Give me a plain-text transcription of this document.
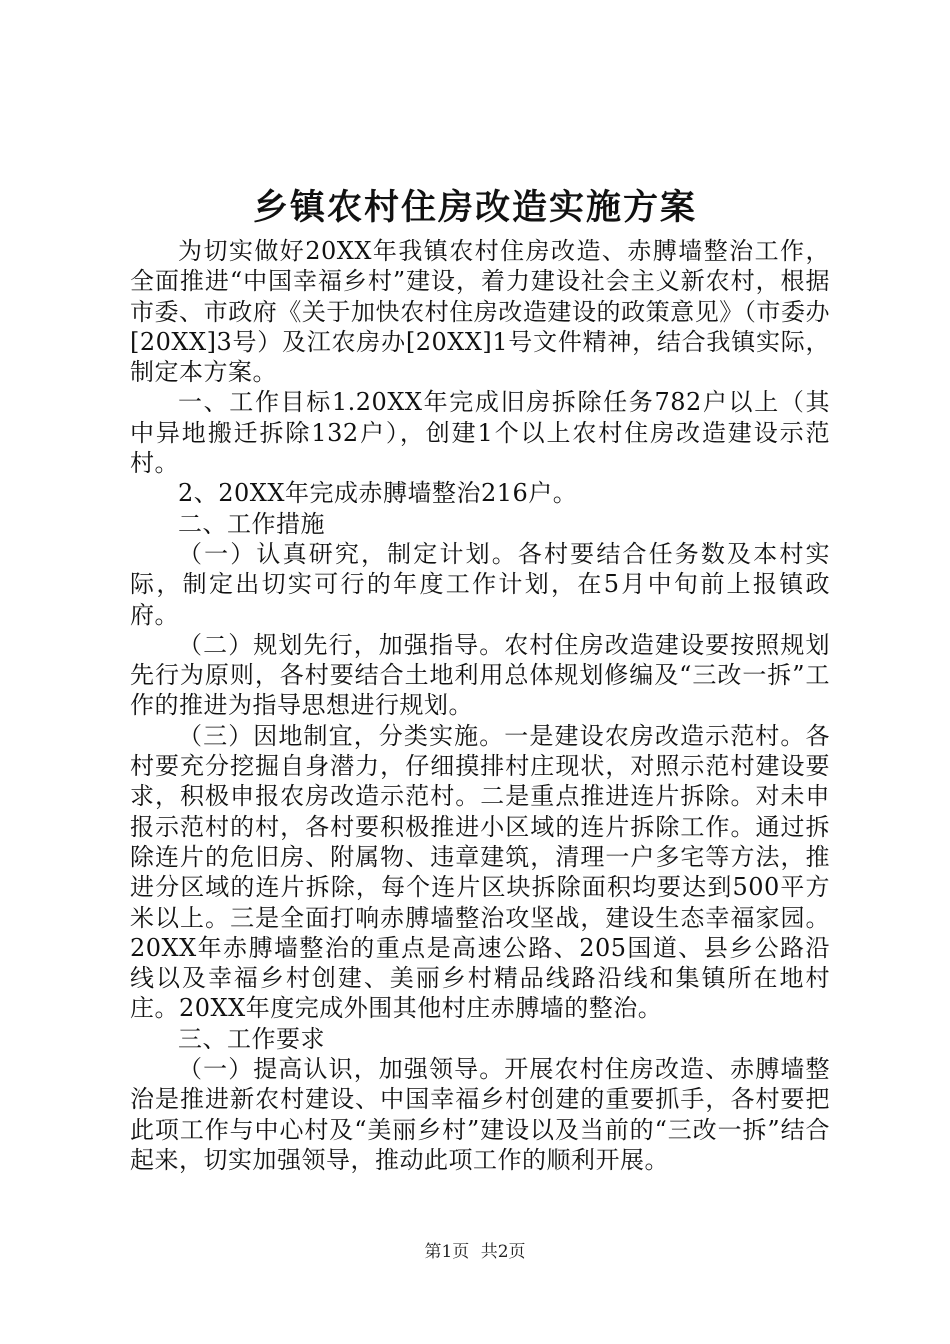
乡镇农村住房改造实施方案

为切实做好20XX年我镇农村住房改造、赤膊墙整治工作，全面推进“中国幸福乡村”建设，着力建设社会主义新农村，根据市委、市政府《关于加快农村住房改造建设的政策意见》（市委办[20XX]3号）及江农房办[20XX]1号文件精神，结合我镇实际，制定本方案。

一、工作目标1.20XX年完成旧房拆除任务782户以上（其中异地搬迁拆除132户），创建1个以上农村住房改造建设示范村。

2、20XX年完成赤膊墙整治216户。

二、工作措施

（一）认真研究，制定计划。各村要结合任务数及本村实际，制定出切实可行的年度工作计划，在5月中旬前上报镇政府。

（二）规划先行，加强指导。农村住房改造建设要按照规划先行为原则，各村要结合土地利用总体规划修编及“三改一拆”工作的推进为指导思想进行规划。

（三）因地制宜，分类实施。一是建设农房改造示范村。各村要充分挖掘自身潜力，仔细摸排村庄现状，对照示范村建设要求，积极申报农房改造示范村。二是重点推进连片拆除。对未申报示范村的村，各村要积极推进小区域的连片拆除工作。通过拆除连片的危旧房、附属物、违章建筑，清理一户多宅等方法，推进分区域的连片拆除，每个连片区块拆除面积均要达到500平方米以上。三是全面打响赤膊墙整治攻坚战，建设生态幸福家园。20XX年赤膊墙整治的重点是高速公路、205国道、县乡公路沿线以及幸福乡村创建、美丽乡村精品线路沿线和集镇所在地村庄。20XX年度完成外围其他村庄赤膊墙的整治。

三、工作要求

（一）提高认识，加强领导。开展农村住房改造、赤膊墙整治是推进新农村建设、中国幸福乡村创建的重要抓手，各村要把此项工作与中心村及“美丽乡村”建设以及当前的“三改一拆”结合起来，切实加强领导，推动此项工作的顺利开展。

第1页 共2页
